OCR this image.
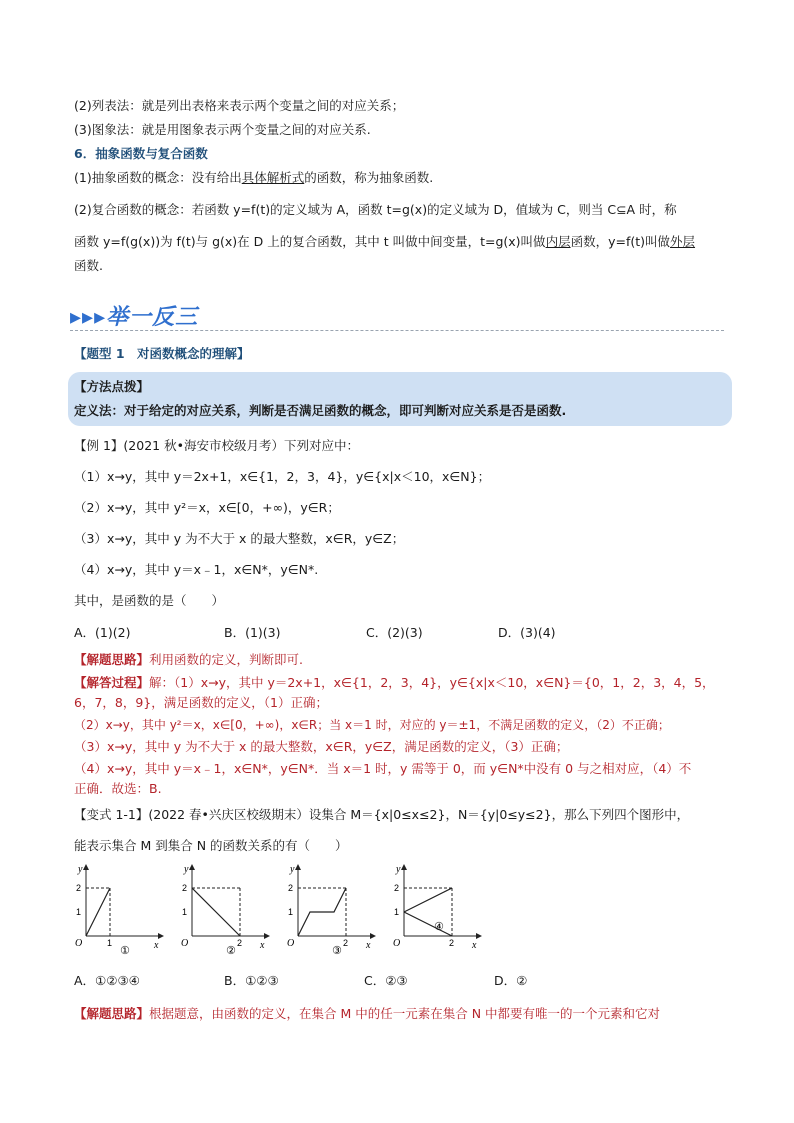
(2)列表法：就是列出表格来表示两个变量之间的对应关系；
(3)图象法：就是用图象表示两个变量之间的对应关系.
6．抽象函数与复合函数
(1)抽象函数的概念：没有给出具体解析式的函数，称为抽象函数.
(2)复合函数的概念：若函数 y=f(t)的定义域为 A，函数 t=g(x)的定义域为 D，值域为 C，则当 C⊆A 时，称
函数 y=f(g(x))为 f(t)与 g(x)在 D 上的复合函数，其中 t 叫做中间变量，t=g(x)叫做内层函数，y=f(t)叫做外层
函数.
▸▸▸举一反三
【题型 1　对函数概念的理解】
【方法点拨】
定义法：对于给定的对应关系，判断是否满足函数的概念，即可判断对应关系是否是函数.
【例 1】(2021 秋•海安市校级月考）下列对应中：
（1）x→y，其中 y＝2x+1，x∈{1，2，3，4}，y∈{x|x＜10，x∈N}；
（2）x→y，其中 y²＝x，x∈[0，+∞)，y∈R；
（3）x→y，其中 y 为不大于 x 的最大整数，x∈R，y∈Z；
（4）x→y，其中 y＝x﹣1，x∈N*，y∈N*.
其中，是函数的是（　　）
A．(1)(2)	B．(1)(3)	C．(2)(3)	D．(3)(4)
【解题思路】利用函数的定义，判断即可.
【解答过程】解：（1）x→y，其中 y＝2x+1，x∈{1，2，3，4}，y∈{x|x＜10，x∈N}＝{0，1，2，3，4，5，
6，7，8，9}，满足函数的定义，（1）正确；
（2）x→y，其中 y²＝x，x∈[0，+∞)，x∈R；当 x＝1 时，对应的 y＝±1，不满足函数的定义，（2）不正确；
（3）x→y，其中 y 为不大于 x 的最大整数，x∈R，y∈Z，满足函数的定义，（3）正确；
（4）x→y，其中 y＝x﹣1，x∈N*，y∈N*．当 x＝1 时，y 需等于 0，而 y∈N*中没有 0 与之相对应，（4）不
正确．故选：B.
【变式 1-1】(2022 春•兴庆区校级期末）设集合 M＝{x|0≤x≤2}，N＝{y|0≤y≤2}，那么下列四个图形中，
能表示集合 M 到集合 N 的函数关系的有（　　）
y
2
1
O	1
① x
y
2
1
O	2
② x
y
2
1
O	2
③ x
y
2
1
O	2
④
x
A．①②③④	B．①②③	C．②③	D．②
【解题思路】根据题意，由函数的定义，在集合 M 中的任一元素在集合 N 中都要有唯一的一个元素和它对
